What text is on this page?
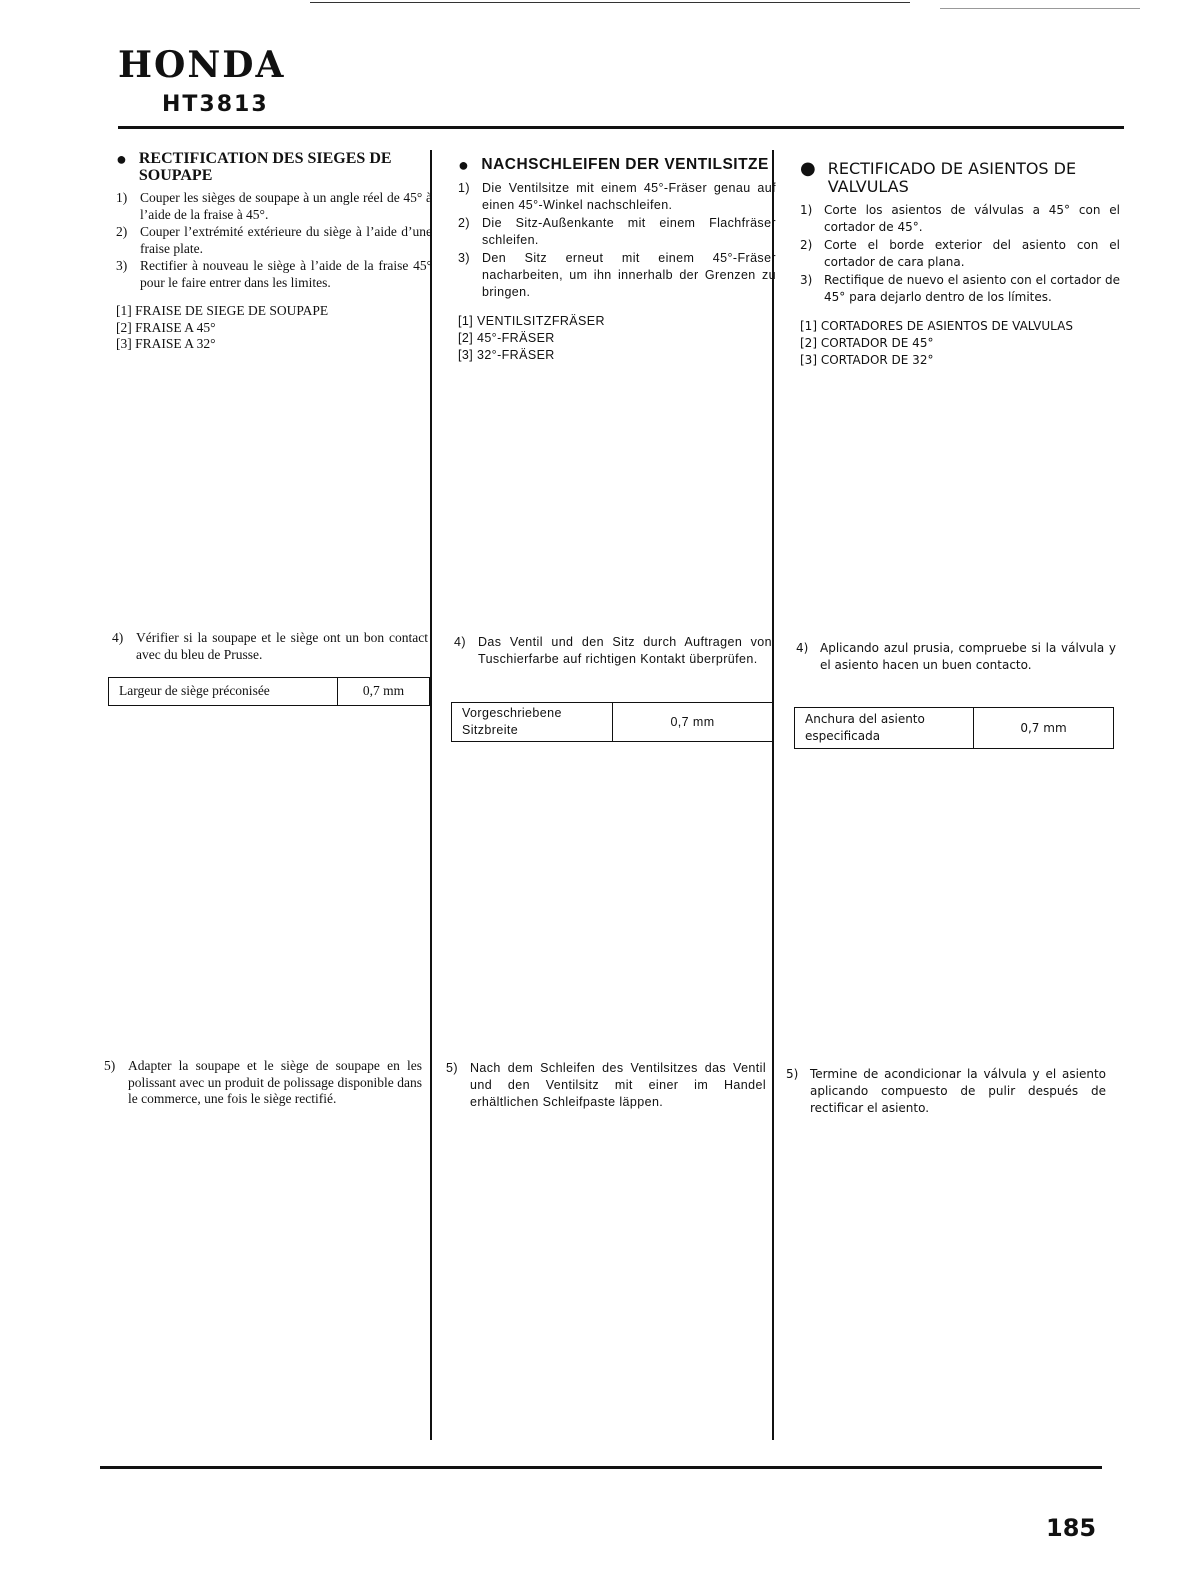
HONDA
HT3813
● RECTIFICATION DES SIEGES DE SOUPAPE
1) Couper les sièges de soupape à un angle réel de 45° à l’aide de la fraise à 45°.
2) Couper l’extrémité extérieure du siège à l’aide d’une fraise plate.
3) Rectifier à nouveau le siège à l’aide de la fraise 45° pour le faire entrer dans les limites.
[1] FRAISE DE SIEGE DE SOUPAPE
[2] FRAISE A 45°
[3] FRAISE A 32°
4) Vérifier si la soupape et le siège ont un bon contact avec du bleu de Prusse.
Largeur de siège préconisée	0,7 mm
5) Adapter la soupape et le siège de soupape en les polissant avec un produit de polissage disponible dans le commerce, une fois le siège rectifié.
● NACHSCHLEIFEN DER VENTILSITZE
1) Die Ventilsitze mit einem 45°-Fräser genau auf einen 45°-Winkel nachschleifen.
2) Die Sitz-Außenkante mit einem Flachfräser schleifen.
3) Den Sitz erneut mit einem 45°-Fräser nacharbeiten, um ihn innerhalb der Grenzen zu bringen.
[1] VENTILSITZFRÄSER
[2] 45°-FRÄSER
[3] 32°-FRÄSER
4) Das Ventil und den Sitz durch Auftragen von Tuschierfarbe auf richtigen Kontakt überprüfen.
Vorgeschriebene Sitzbreite
0,7 mm
5) Nach dem Schleifen des Ventilsitzes das Ventil und den Ventilsitz mit einer im Handel erhältlichen Schleifpaste läppen.
● RECTIFICADO DE ASIENTOS DE VALVULAS
1) Corte los asientos de válvulas a 45° con el cortador de 45°.
2) Corte el borde exterior del asiento con el cortador de cara plana.
3) Rectifique de nuevo el asiento con el cortador de 45° para dejarlo dentro de los límites.
[1] CORTADORES DE ASIENTOS DE VALVULAS
[2] CORTADOR DE 45°
[3] CORTADOR DE 32°
4) Aplicando azul prusia, compruebe si la válvula y el asiento hacen un buen contacto.
Anchura del asiento especificada
0,7 mm
5) Termine de acondicionar la válvula y el asiento aplicando compuesto de pulir después de rectificar el asiento.
185
